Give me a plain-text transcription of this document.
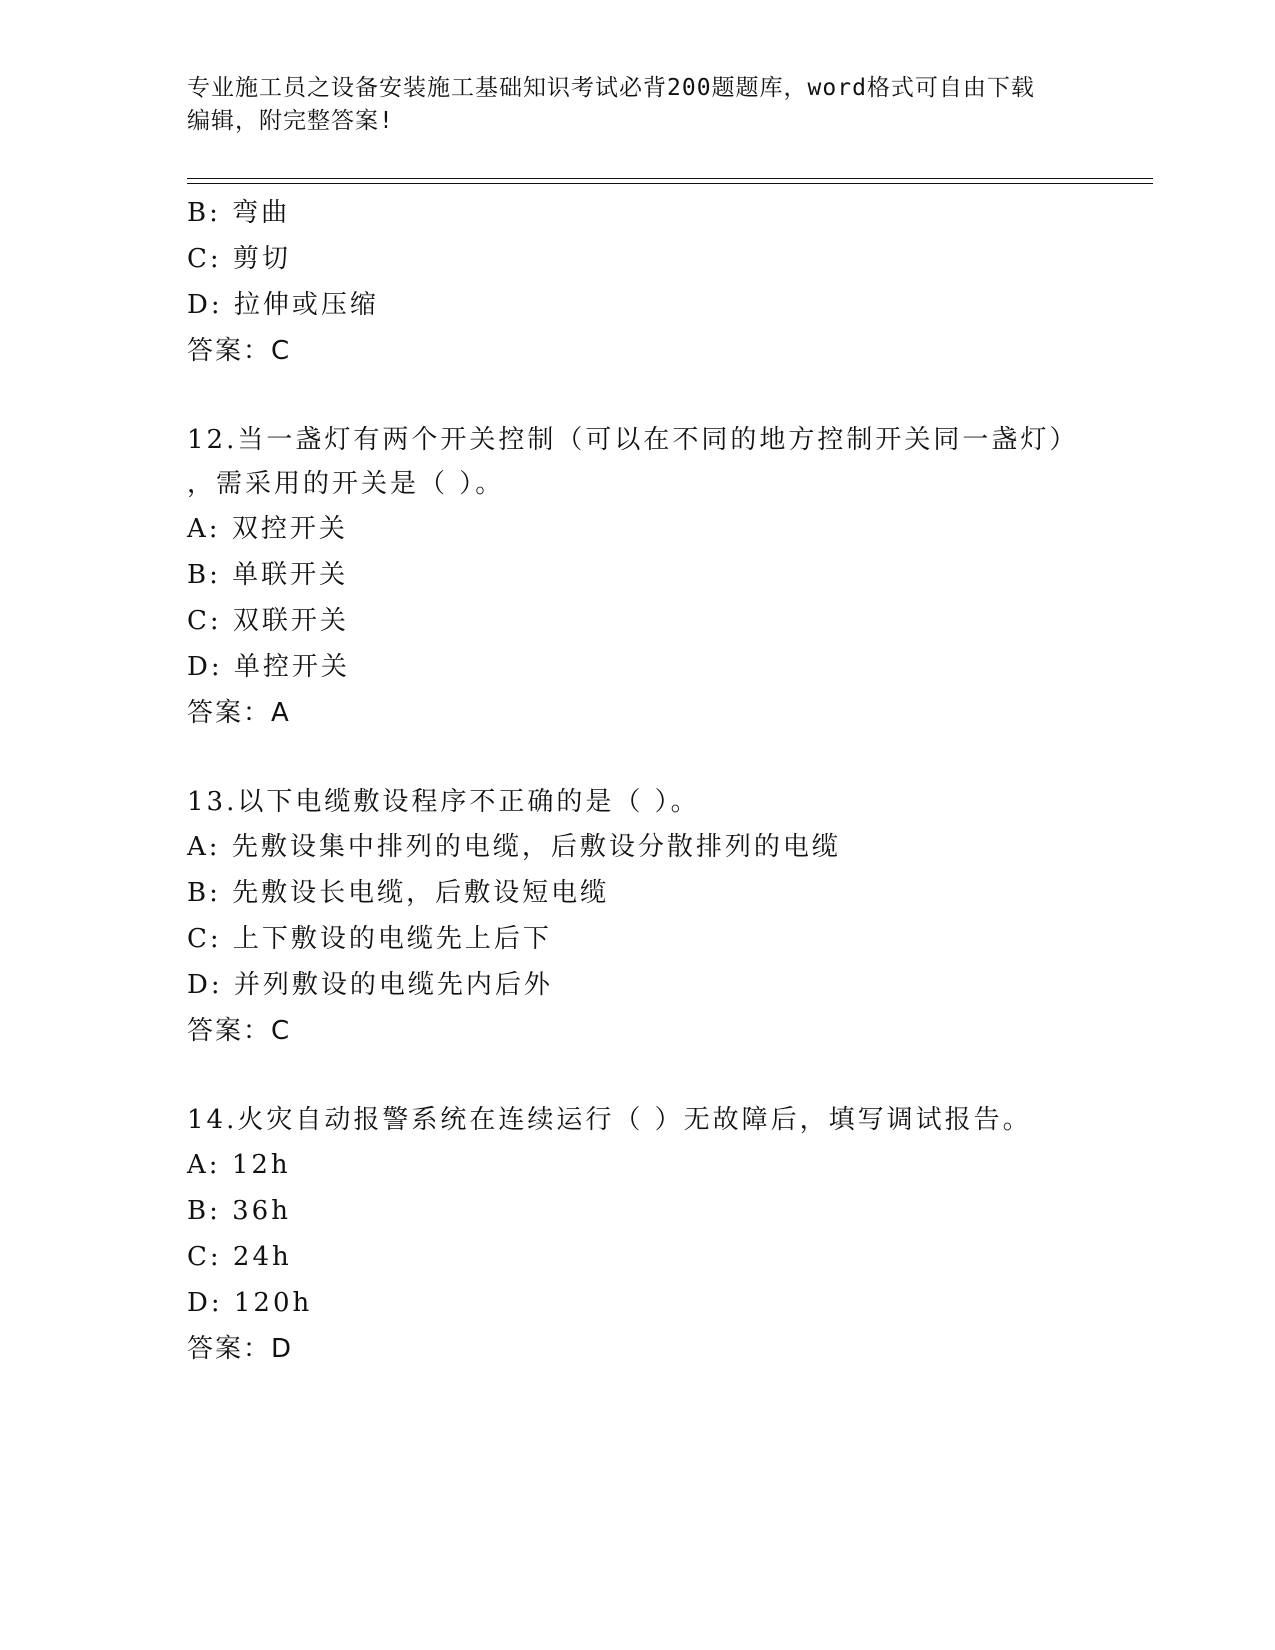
专业施工员之设备安装施工基础知识考试必背200题题库，word格式可自由下载
编辑，附完整答案!
B: 弯曲
C: 剪切
D: 拉伸或压缩
答案：C
12.当一盏灯有两个开关控制（可以在不同的地方控制开关同一盏灯）
，需采用的开关是（ ）。
A: 双控开关
B: 单联开关
C: 双联开关
D: 单控开关
答案：A
13.以下电缆敷设程序不正确的是（ ）。
A: 先敷设集中排列的电缆，后敷设分散排列的电缆
B: 先敷设长电缆，后敷设短电缆
C: 上下敷设的电缆先上后下
D: 并列敷设的电缆先内后外
答案：C
14.火灾自动报警系统在连续运行（ ）无故障后，填写调试报告。
A: 12h
B: 36h
C: 24h
D: 120h
答案：D
